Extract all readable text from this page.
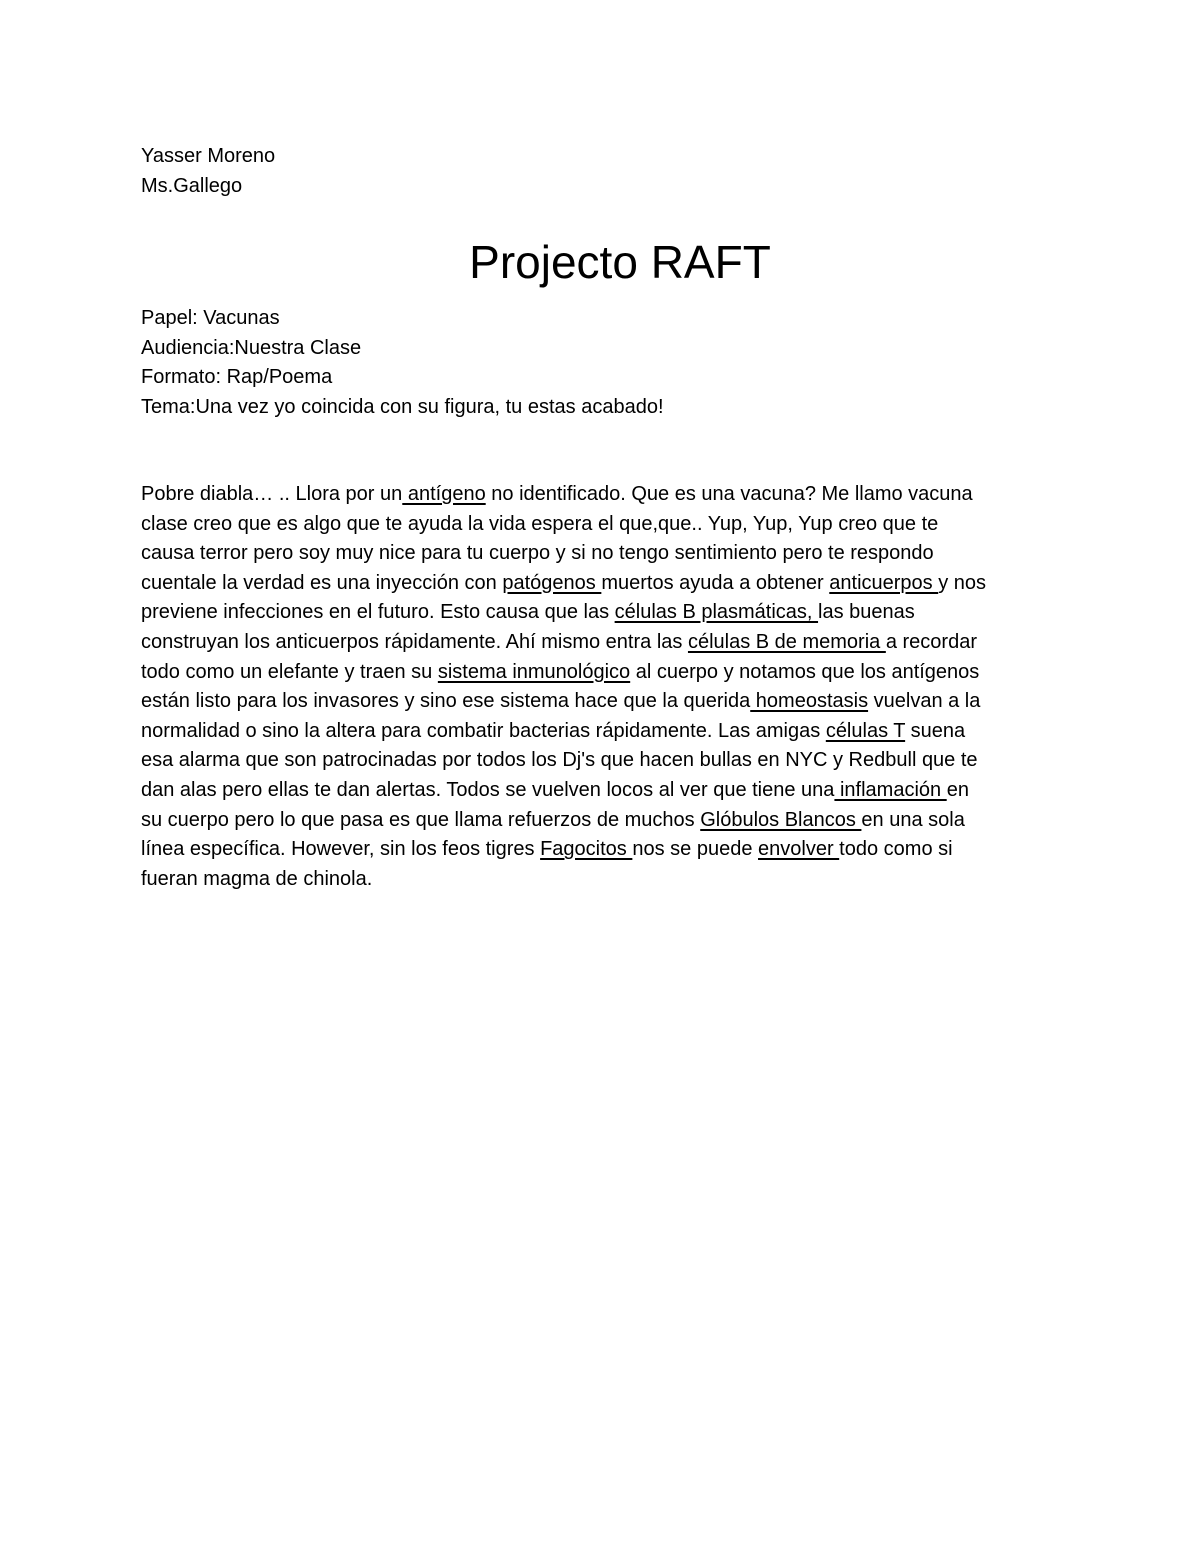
Yasser Moreno
Ms.Gallego
Projecto RAFT
Papel: Vacunas
Audiencia:Nuestra Clase
Formato: Rap/Poema
Tema:Una vez yo coincida con su figura, tu estas acabado!
Pobre diabla… .. Llora por un antígeno no identificado. Que es una vacuna? Me llamo vacuna
clase creo que es algo que te ayuda la vida espera el que,que.. Yup, Yup, Yup creo que te
causa terror pero soy muy nice para tu cuerpo y si no tengo sentimiento pero te respondo
cuentale la verdad es una inyección con patógenos muertos ayuda a obtener anticuerpos y nos
previene infecciones en el futuro. Esto causa que las células B plasmáticas, las buenas
construyan los anticuerpos rápidamente. Ahí mismo entra las células B de memoria a recordar
todo como un elefante y traen su sistema inmunológico al cuerpo y notamos que los antígenos
están listo para los invasores y sino ese sistema hace que la querida homeostasis vuelvan a la
normalidad o sino la altera para combatir bacterias rápidamente. Las amigas células T suena
esa alarma que son patrocinadas por todos los Dj's que hacen bullas en NYC y Redbull que te
dan alas pero ellas te dan alertas. Todos se vuelven locos al ver que tiene una inflamación en
su cuerpo pero lo que pasa es que llama refuerzos de muchos Glóbulos Blancos en una sola
línea específica. However, sin los feos tigres Fagocitos nos se puede envolver todo como si
fueran magma de chinola.
